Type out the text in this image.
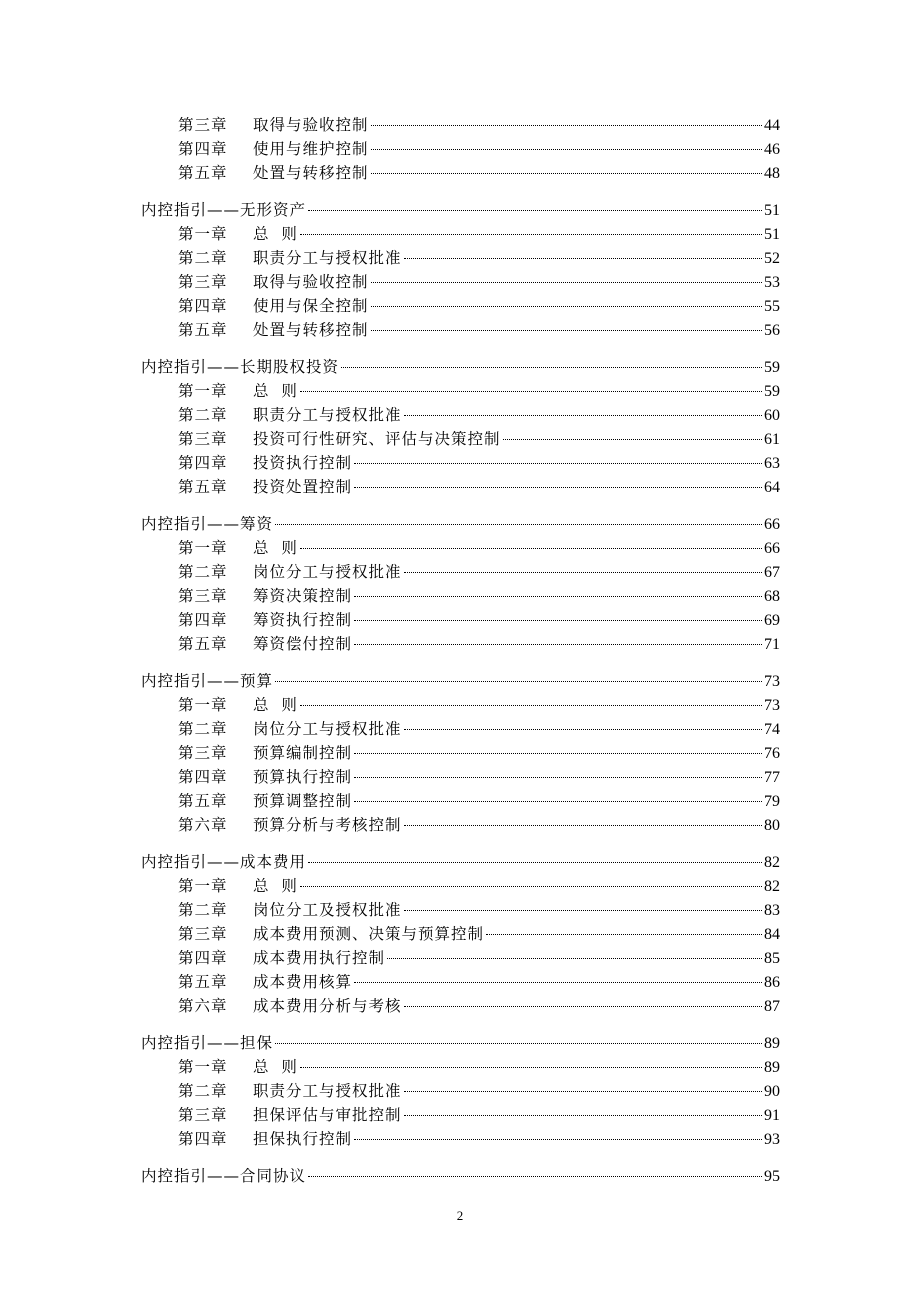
第三章 取得与验收控制	44
第四章 使用与维护控制	46
第五章 处置与转移控制	48
内控指引——无形资产	51
第一章 总  则	51
第二章 职责分工与授权批准	52
第三章 取得与验收控制	53
第四章 使用与保全控制	55
第五章 处置与转移控制	56
内控指引——长期股权投资	59
第一章 总  则	59
第二章 职责分工与授权批准	60
第三章 投资可行性研究、评估与决策控制	61
第四章 投资执行控制	63
第五章 投资处置控制	64
内控指引——筹资	66
第一章 总  则	66
第二章 岗位分工与授权批准	67
第三章 筹资决策控制	68
第四章 筹资执行控制	69
第五章 筹资偿付控制	71
内控指引——预算	73
第一章 总  则	73
第二章 岗位分工与授权批准	74
第三章 预算编制控制	76
第四章 预算执行控制	77
第五章 预算调整控制	79
第六章 预算分析与考核控制	80
内控指引——成本费用	82
第一章 总  则	82
第二章 岗位分工及授权批准	83
第三章 成本费用预测、决策与预算控制	84
第四章 成本费用执行控制	85
第五章 成本费用核算	86
第六章 成本费用分析与考核	87
内控指引——担保	89
第一章 总  则	89
第二章 职责分工与授权批准	90
第三章 担保评估与审批控制	91
第四章 担保执行控制	93
内控指引——合同协议	95
2
